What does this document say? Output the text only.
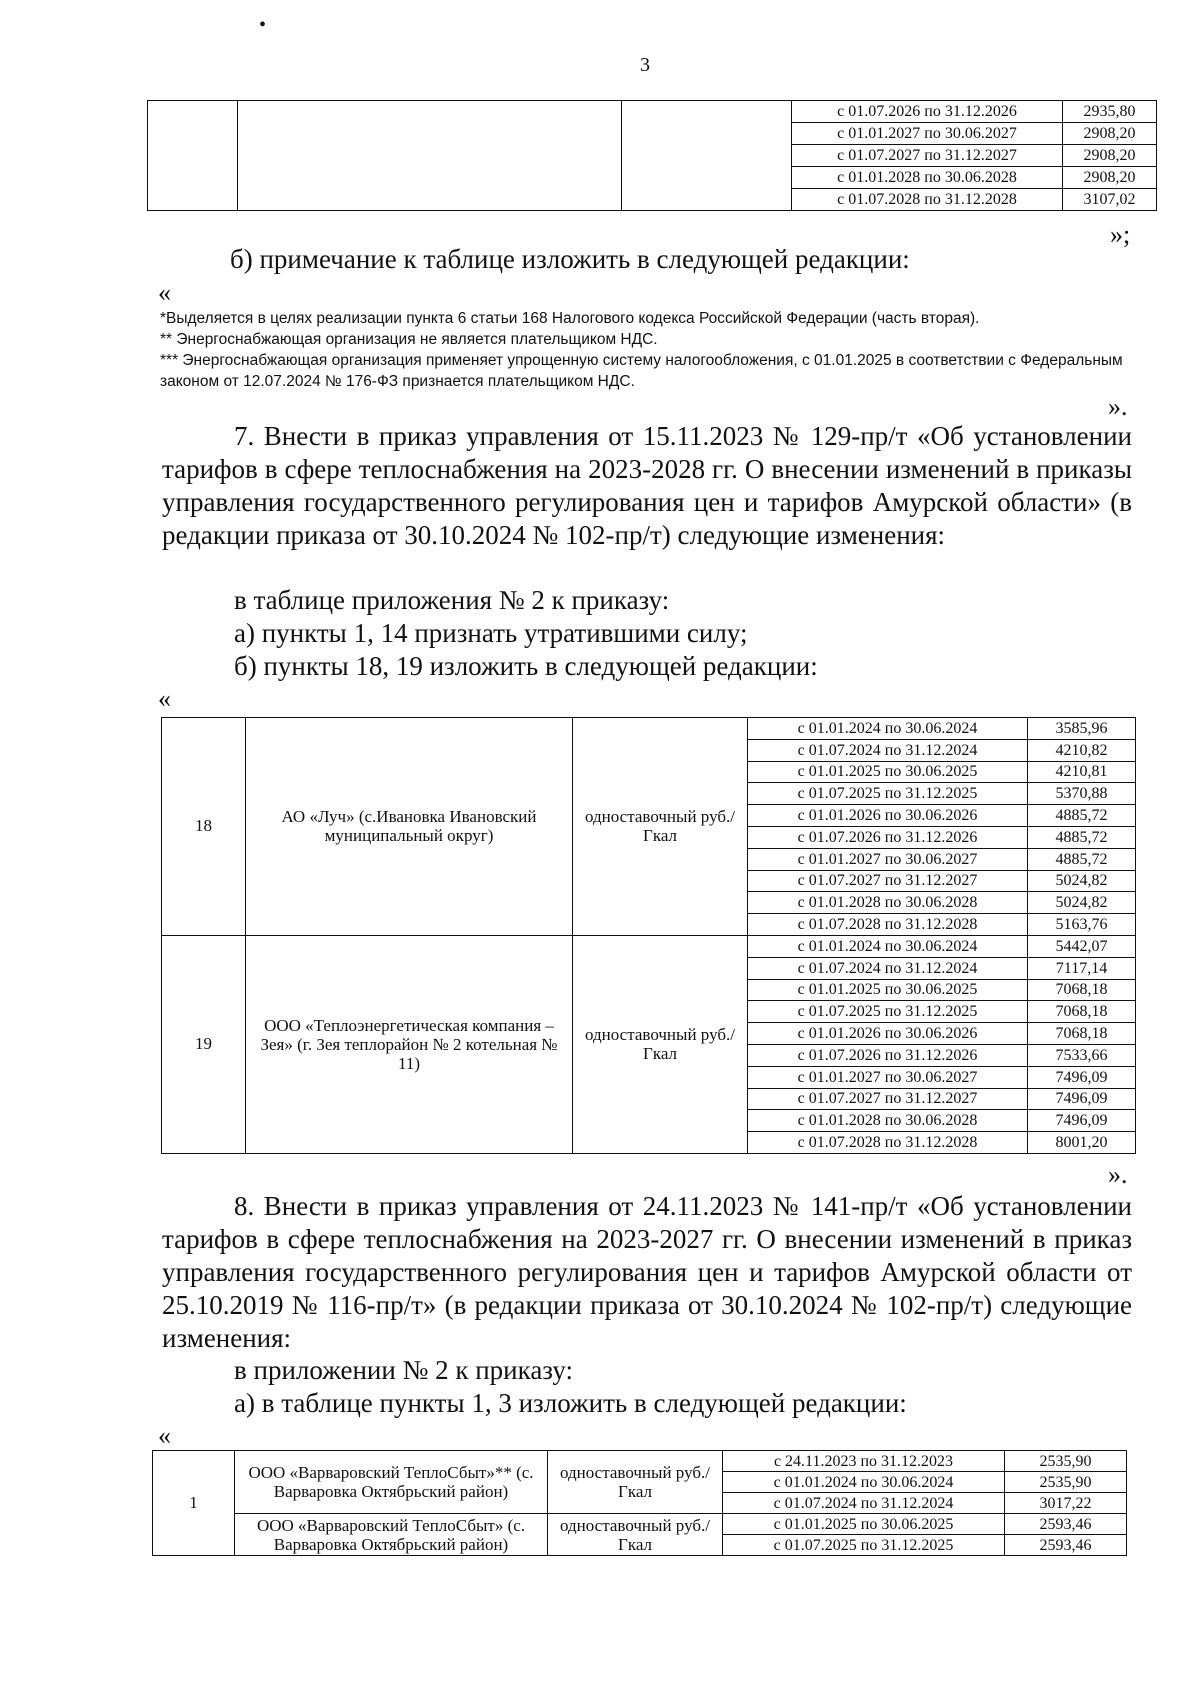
•
3
			с 01.07.2026 по 31.12.2026	2935,80
			с 01.01.2027 по 30.06.2027	2908,20
			с 01.07.2027 по 31.12.2027	2908,20
			с 01.01.2028 по 30.06.2028	2908,20
			с 01.07.2028 по 31.12.2028	3107,02
»;
б) примечание к таблице изложить в следующей редакции:
«
*Выделяется в целях реализации пункта 6 статьи 168 Налогового кодекса Российской Федерации (часть вторая).
** Энергоснабжающая организация не является плательщиком НДС.
*** Энергоснабжающая организация применяет упрощенную систему налогообложения, с 01.01.2025 в соответствии с Федеральным законом от 12.07.2024 № 176-ФЗ признается плательщиком НДС.
».
7. Внести в приказ управления от 15.11.2023 № 129-пр/т «Об установлении тарифов в сфере теплоснабжения на 2023-2028 гг. О внесении изменений в приказы управления государственного регулирования цен и тарифов Амурской области» (в редакции приказа от 30.10.2024 № 102-пр/т) следующие изменения:
в таблице приложения № 2 к приказу:
а) пункты 1, 14 признать утратившими силу;
б) пункты 18, 19 изложить в следующей редакции:
«
18	АО «Луч» (с.Ивановка Ивановский муниципальный округ)	одноставочный руб./Гкал	с 01.01.2024 по 30.06.2024	3585,96
			с 01.07.2024 по 31.12.2024	4210,82
			с 01.01.2025 по 30.06.2025	4210,81
			с 01.07.2025 по 31.12.2025	5370,88
			с 01.01.2026 по 30.06.2026	4885,72
			с 01.07.2026 по 31.12.2026	4885,72
			с 01.01.2027 по 30.06.2027	4885,72
			с 01.07.2027 по 31.12.2027	5024,82
			с 01.01.2028 по 30.06.2028	5024,82
			с 01.07.2028 по 31.12.2028	5163,76
19	ООО «Теплоэнергетическая компания – Зея» (г. Зея теплорайон № 2 котельная № 11)	одноставочный руб./Гкал	с 01.01.2024 по 30.06.2024	5442,07
			с 01.07.2024 по 31.12.2024	7117,14
			с 01.01.2025 по 30.06.2025	7068,18
			с 01.07.2025 по 31.12.2025	7068,18
			с 01.01.2026 по 30.06.2026	7068,18
			с 01.07.2026 по 31.12.2026	7533,66
			с 01.01.2027 по 30.06.2027	7496,09
			с 01.07.2027 по 31.12.2027	7496,09
			с 01.01.2028 по 30.06.2028	7496,09
			с 01.07.2028 по 31.12.2028	8001,20
».
8. Внести в приказ управления от 24.11.2023 № 141-пр/т «Об установлении тарифов в сфере теплоснабжения на 2023-2027 гг. О внесении изменений в приказ управления государственного регулирования цен и тарифов Амурской области от 25.10.2019 № 116-пр/т» (в редакции приказа от 30.10.2024 № 102-пр/т) следующие изменения:
в приложении № 2 к приказу:
а) в таблице пункты 1, 3 изложить в следующей редакции:
«
1	ООО «Варваровский ТеплоСбыт»** (с. Варваровка Октябрьский район)	одноставочный руб./Гкал	с 24.11.2023 по 31.12.2023	2535,90
			с 01.01.2024 по 30.06.2024	2535,90
			с 01.07.2024 по 31.12.2024	3017,22
	ООО «Варваровский ТеплоСбыт» (с. Варваровка Октябрьский район)	одноставочный руб./Гкал	с 01.01.2025 по 30.06.2025	2593,46
			с 01.07.2025 по 31.12.2025	2593,46
